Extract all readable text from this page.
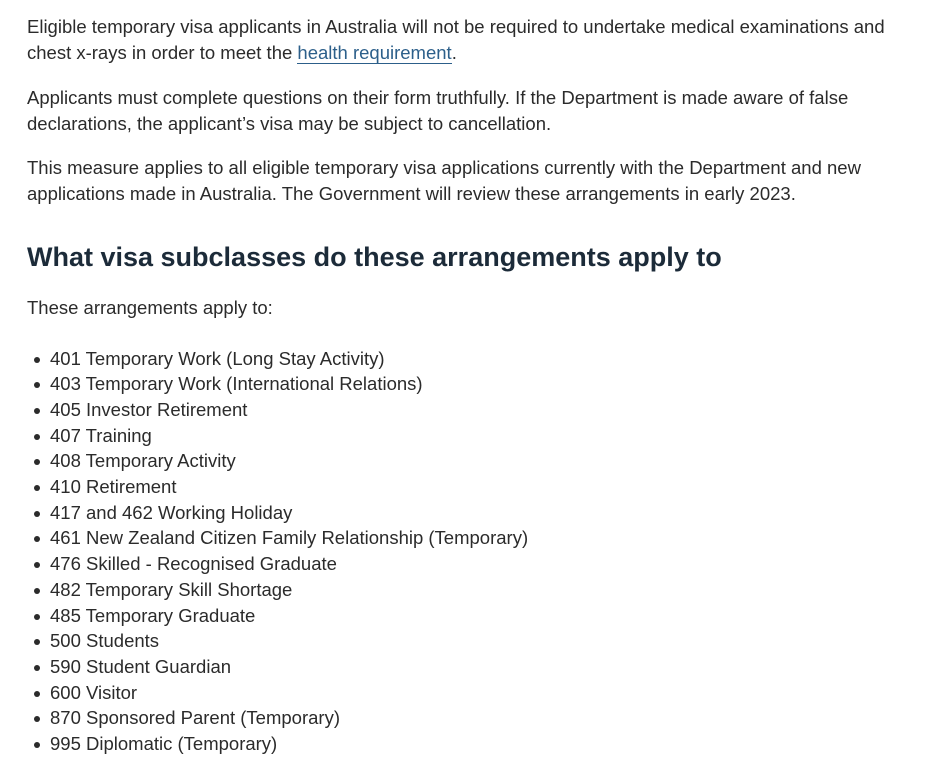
Eligible temporary visa applicants in Australia will not be required to undertake medical examinations and chest x-rays in order to meet the health requirement.

Applicants must complete questions on their form truthfully. If the Department is made aware of false declarations, the applicant’s visa may be subject to cancellation.

This measure applies to all eligible temporary visa applications currently with the Department and new applications made in Australia. The Government will review these arrangements in early 2023.

What visa subclasses do these arrangements apply to

These arrangements apply to:

401 Temporary Work (Long Stay Activity)
403 Temporary Work (International Relations)
405 Investor Retirement
407 Training
408 Temporary Activity
410 Retirement
417 and 462 Working Holiday
461 New Zealand Citizen Family Relationship (Temporary)
476 Skilled - Recognised Graduate
482 Temporary Skill Shortage
485 Temporary Graduate
500 Students
590 Student Guardian
600 Visitor
870 Sponsored Parent (Temporary)
995 Diplomatic (Temporary)
